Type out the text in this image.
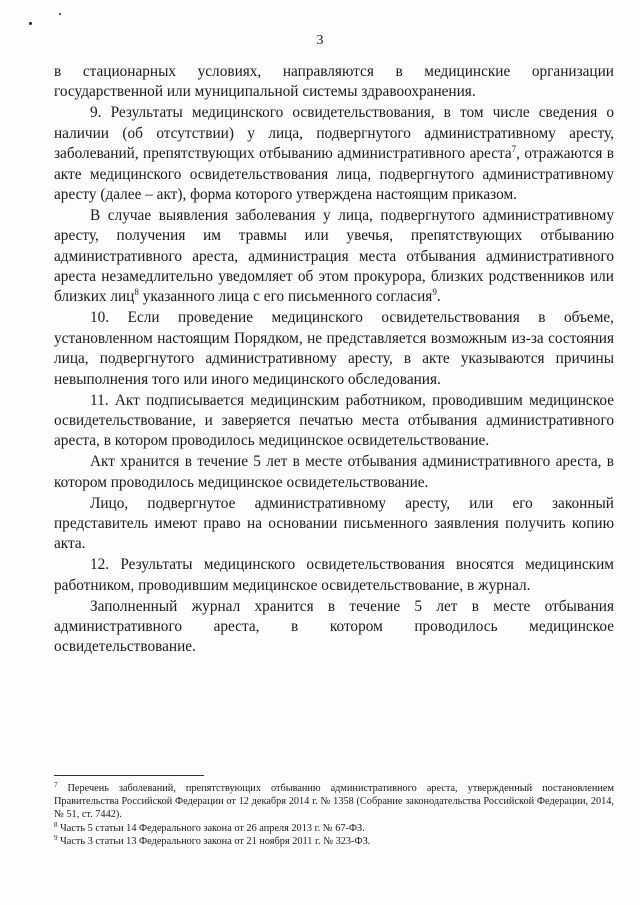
3

в стационарных условиях, направляются в медицинские организации государственной или муниципальной системы здравоохранения.

9. Результаты медицинского освидетельствования, в том числе сведения о наличии (об отсутствии) у лица, подвергнутого административному аресту, заболеваний, препятствующих отбыванию административного ареста$^7$, отражаются в акте медицинского освидетельствования лица, подвергнутого административному аресту (далее – акт), форма которого утверждена настоящим приказом.

В случае выявления заболевания у лица, подвергнутого административному аресту, получения им травмы или увечья, препятствующих отбыванию административного ареста, администрация места отбывания административного ареста незамедлительно уведомляет об этом прокурора, близких родственников или близких лиц$^8$ указанного лица с его письменного согласия$^9$.

10. Если проведение медицинского освидетельствования в объеме, установленном настоящим Порядком, не представляется возможным из-за состояния лица, подвергнутого административному аресту, в акте указываются причины невыполнения того или иного медицинского обследования.

11. Акт подписывается медицинским работником, проводившим медицинское освидетельствование, и заверяется печатью места отбывания административного ареста, в котором проводилось медицинское освидетельствование.

Акт хранится в течение 5 лет в месте отбывания административного ареста, в котором проводилось медицинское освидетельствование.

Лицо, подвергнутое административному аресту, или его законный представитель имеют право на основании письменного заявления получить копию акта.

12. Результаты медицинского освидетельствования вносятся медицинским работником, проводившим медицинское освидетельствование, в журнал.

Заполненный журнал хранится в течение 5 лет в месте отбывания административного ареста, в котором проводилось медицинское освидетельствование.

$^7$ Перечень заболеваний, препятствующих отбыванию административного ареста, утвержденный постановлением Правительства Российской Федерации от 12 декабря 2014 г. № 1358 (Собрание законодательства Российской Федерации, 2014, № 51, ст. 7442).

$^8$ Часть 5 статьи 14 Федерального закона от 26 апреля 2013 г. № 67-ФЗ.

$^9$ Часть 3 статьи 13 Федерального закона от 21 ноября 2011 г. № 323-ФЗ.
